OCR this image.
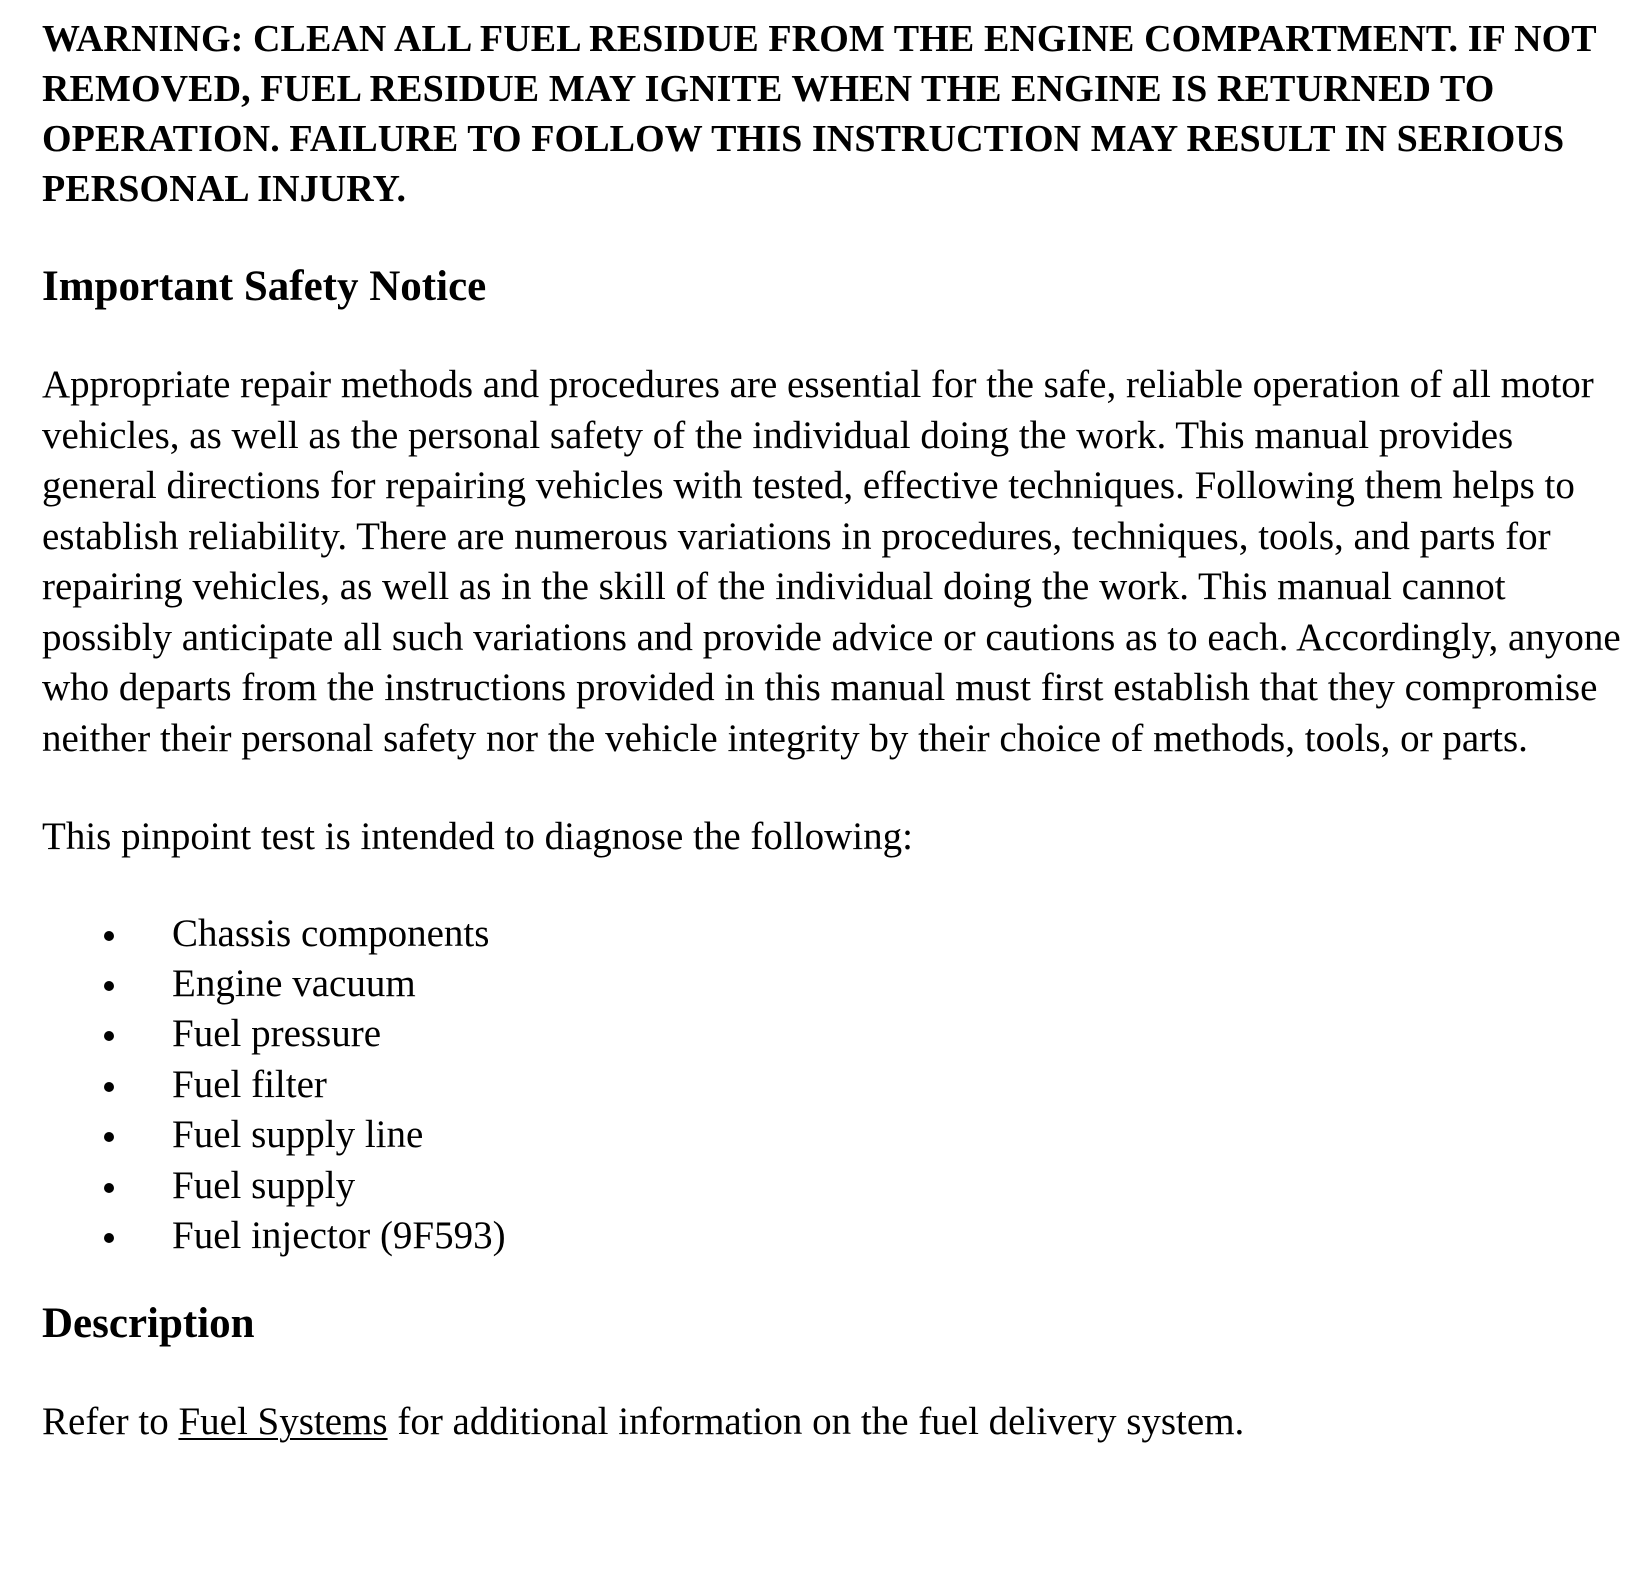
WARNING: CLEAN ALL FUEL RESIDUE FROM THE ENGINE COMPARTMENT. IF NOT REMOVED, FUEL RESIDUE MAY IGNITE WHEN THE ENGINE IS RETURNED TO OPERATION. FAILURE TO FOLLOW THIS INSTRUCTION MAY RESULT IN SERIOUS PERSONAL INJURY.

Important Safety Notice

Appropriate repair methods and procedures are essential for the safe, reliable operation of all motor vehicles, as well as the personal safety of the individual doing the work. This manual provides general directions for repairing vehicles with tested, effective techniques. Following them helps to establish reliability. There are numerous variations in procedures, techniques, tools, and parts for repairing vehicles, as well as in the skill of the individual doing the work. This manual cannot possibly anticipate all such variations and provide advice or cautions as to each. Accordingly, anyone who departs from the instructions provided in this manual must first establish that they compromise neither their personal safety nor the vehicle integrity by their choice of methods, tools, or parts.

This pinpoint test is intended to diagnose the following:

Chassis components
Engine vacuum
Fuel pressure
Fuel filter
Fuel supply line
Fuel supply
Fuel injector (9F593)
Description

Refer to Fuel Systems for additional information on the fuel delivery system.
